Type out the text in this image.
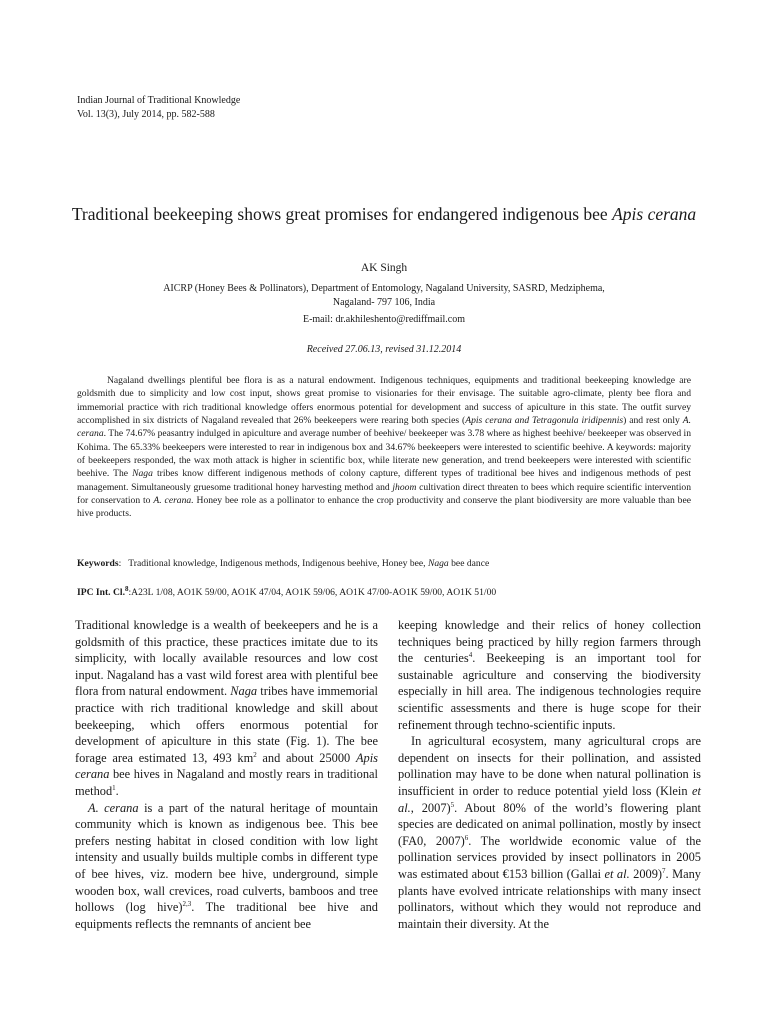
Indian Journal of Traditional Knowledge
Vol. 13(3), July 2014, pp. 582-588
Traditional beekeeping shows great promises for endangered indigenous bee Apis cerana
AK Singh
AICRP (Honey Bees & Pollinators), Department of Entomology, Nagaland University, SASRD, Medziphema,
Nagaland- 797 106, India
E-mail: dr.akhileshento@rediffmail.com
Received 27.06.13, revised 31.12.2014

Nagaland dwellings plentiful bee flora is as a natural endowment. Indigenous techniques, equipments and traditional beekeeping knowledge are goldsmith due to simplicity and low cost input, shows great promise to visionaries for their envisage. The suitable agro-climate, plenty bee flora and immemorial practice with rich traditional knowledge offers enormous potential for development and success of apiculture in this state. The outfit survey accomplished in six districts of Nagaland revealed that 26% beekeepers were rearing both species (Apis cerana and Tetragonula iridipennis) and rest only A. cerana. The 74.67% peasantry indulged in apiculture and average number of beehive/ beekeeper was 3.78 where as highest beehive/ beekeeper was observed in Kohima. The 65.33% beekeepers were interested to rear in indigenous box and 34.67% beekeepers were interested to scientific beehive. A keywords: majority of beekeepers responded, the wax moth attack is higher in scientific box, while literate new generation, and trend beekeepers were interested with scientific beehive. The Naga tribes know different indigenous methods of colony capture, different types of traditional bee hives and indigenous methods of pest management. Simultaneously gruesome traditional honey harvesting method and jhoom cultivation direct threaten to bees which require scientific intervention for conservation to A. cerana. Honey bee role as a pollinator to enhance the crop productivity and conserve the plant biodiversity are more valuable than bee hive products.

Keywords:   Traditional knowledge, Indigenous methods, Indigenous beehive, Honey bee, Naga bee dance
IPC Int. Cl.$^8$:A23L 1/08, AO1K 59/00, AO1K 47/04, AO1K 59/06, AO1K 47/00-AO1K 59/00, AO1K 51/00

Traditional knowledge is a wealth of beekeepers and he is a goldsmith of this practice, these practices imitate due to its simplicity, with locally available resources and low cost input. Nagaland has a vast wild forest area with plentiful bee flora from natural endowment. Naga tribes have immemorial practice with rich traditional knowledge and skill about beekeeping, which offers enormous potential for development of apiculture in this state (Fig. 1). The bee forage area estimated 13, 493 $km^2$ and about 25000 Apis cerana bee hives in Nagaland and mostly rears in traditional method$^1$.

A. cerana is a part of the natural heritage of mountain community which is known as indigenous bee. This bee prefers nesting habitat in closed condition with low light intensity and usually builds multiple combs in different type of bee hives, viz. modern bee hive, underground, simple wooden box, wall crevices, road culverts, bamboos and tree hollows (log hive)$^{2,3}$. The traditional bee hive and equipments reflects the remnants of ancient bee

keeping knowledge and their relics of honey collection techniques being practiced by hilly region farmers through the centuries$^4$. Beekeeping is an important tool for sustainable agriculture and conserving the biodiversity especially in hill area. The indigenous technologies require scientific assessments and there is huge scope for their refinement through techno-scientific inputs.

In agricultural ecosystem, many agricultural crops are dependent on insects for their pollination, and assisted pollination may have to be done when natural pollination is insufficient in order to reduce potential yield loss (Klein et al., 2007)$^5$. About 80% of the world’s flowering plant species are dedicated on animal pollination, mostly by insect (FA0, 2007)$^6$. The worldwide economic value of the pollination services provided by insect pollinators in 2005 was estimated about €153 billion (Gallai et al. 2009)$^7$. Many plants have evolved intricate relationships with many insect pollinators, without which they would not reproduce and maintain their diversity. At the
